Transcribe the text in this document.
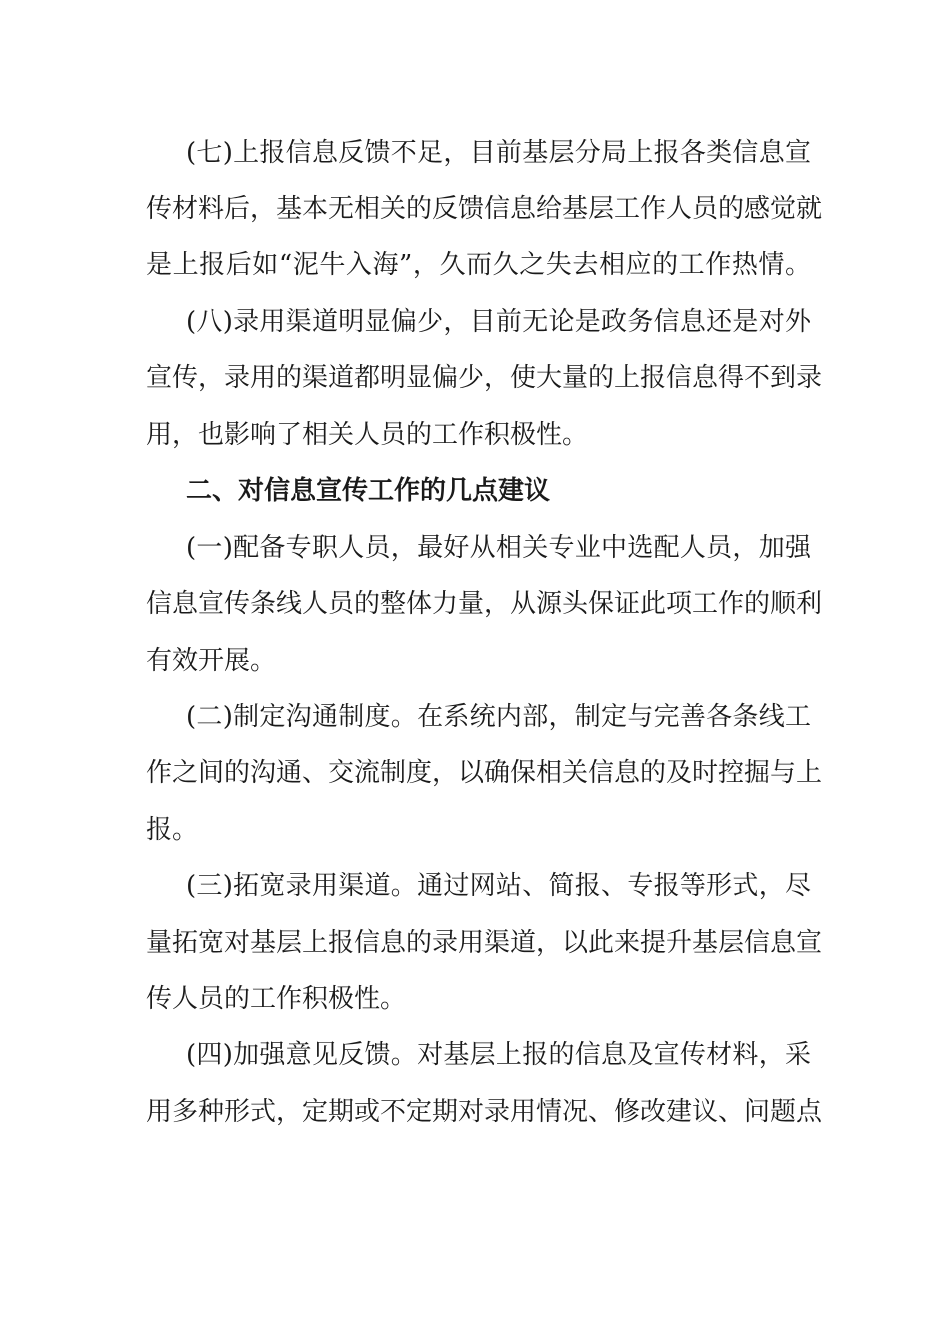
(七)上报信息反馈不足，目前基层分局上报各类信息宣
传材料后，基本无相关的反馈信息给基层工作人员的感觉就
是上报后如“泥牛入海”，久而久之失去相应的工作热情。
(八)录用渠道明显偏少，目前无论是政务信息还是对外
宣传，录用的渠道都明显偏少，使大量的上报信息得不到录
用，也影响了相关人员的工作积极性。
二、对信息宣传工作的几点建议
(一)配备专职人员，最好从相关专业中选配人员，加强
信息宣传条线人员的整体力量，从源头保证此项工作的顺利
有效开展。
(二)制定沟通制度。在系统内部，制定与完善各条线工
作之间的沟通、交流制度，以确保相关信息的及时控掘与上
报。
(三)拓宽录用渠道。通过网站、简报、专报等形式，尽
量拓宽对基层上报信息的录用渠道，以此来提升基层信息宣
传人员的工作积极性。
(四)加强意见反馈。对基层上报的信息及宣传材料，采
用多种形式，定期或不定期对录用情况、修改建议、问题点
